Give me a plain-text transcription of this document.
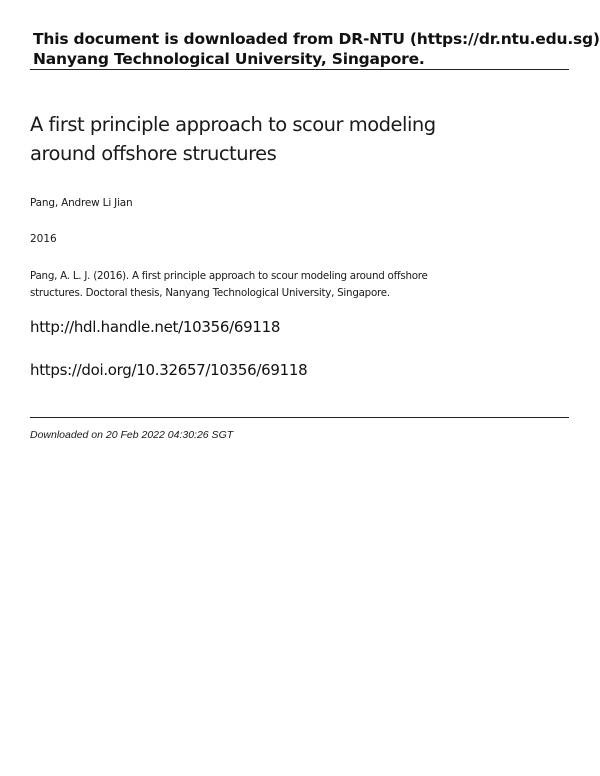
This document is downloaded from DR‑NTU (https://dr.ntu.edu.sg)
Nanyang Technological University, Singapore.
A first principle approach to scour modeling
around offshore structures
Pang, Andrew Li Jian
2016
Pang, A. L. J. (2016). A first principle approach to scour modeling around offshore
structures. Doctoral thesis, Nanyang Technological University, Singapore.
http://hdl.handle.net/10356/69118
https://doi.org/10.32657/10356/69118
Downloaded on 20 Feb 2022 04:30:26 SGT
